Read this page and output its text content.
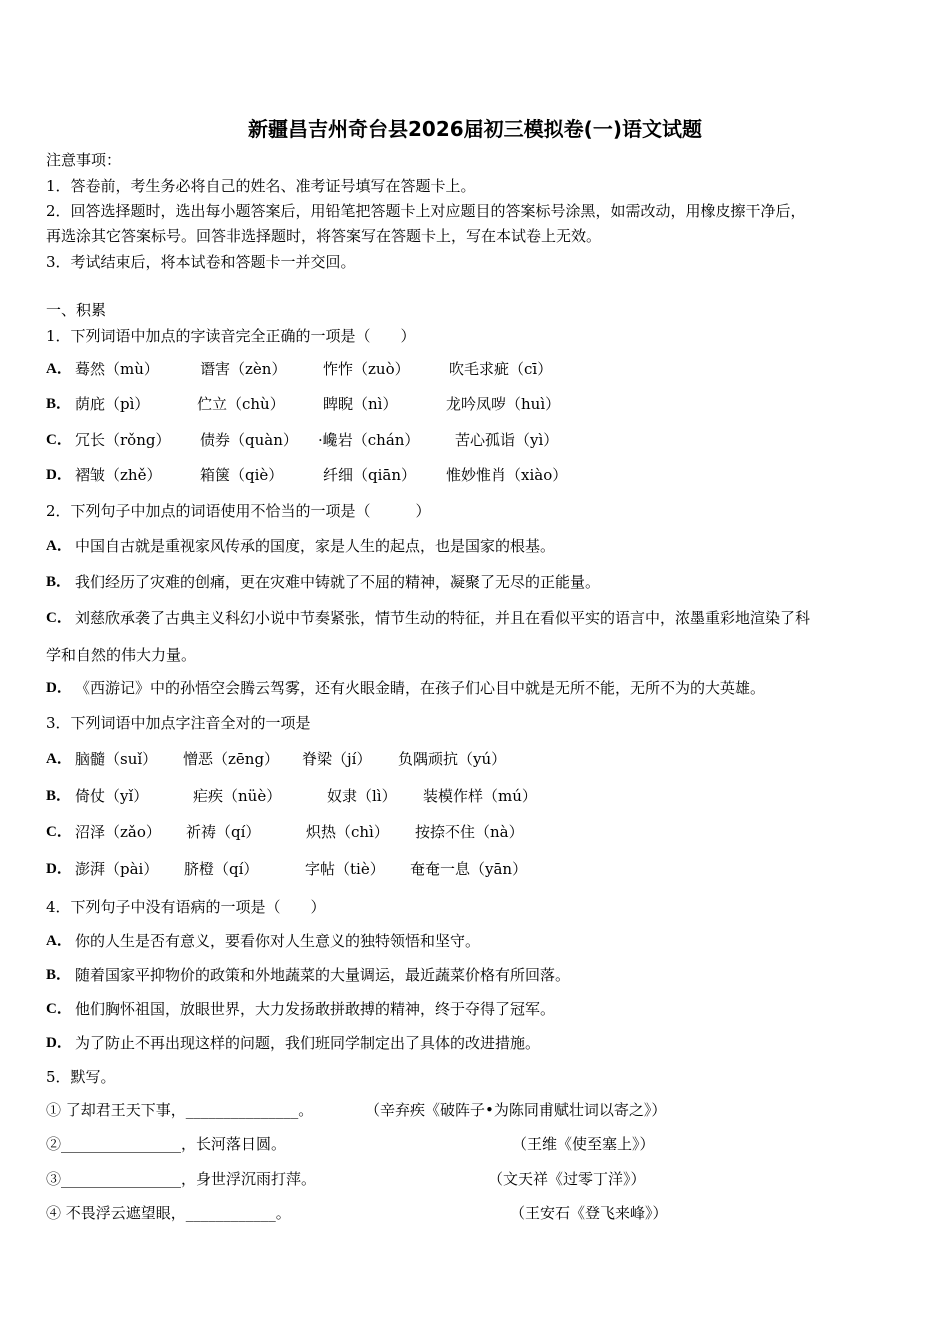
新疆昌吉州奇台县2026届初三模拟卷(一)语文试题
注意事项：
1．答卷前，考生务必将自己的姓名、准考证号填写在答题卡上。
2．回答选择题时，选出每小题答案后，用铅笔把答题卡上对应题目的答案标号涂黑，如需改动，用橡皮擦干净后，
再选涂其它答案标号。回答非选择题时，将答案写在答题卡上，写在本试卷上无效。
3．考试结束后，将本试卷和答题卡一并交回。
一、积累
1．下列词语中加点的字读音完全正确的一项是（　　）
A． 蓦然（mù）	谮害（zèn） 怍怍（zuò）	吹毛求疵（cī）
B． 荫庇（pì）	伫立（chù）	睥睨（nì）	龙吟凤哕（huì）
C． 冗长（rǒng） 债券（quàn） ·巉岩（chán） 苦心孤诣（yì）
D． 褶皱（zhě）	箱箧（qiè）	纤细（qiān） 惟妙惟肖（xiào）
2．下列句子中加点的词语使用不恰当的一项是（　　　）
A． 中国自古就是重视家风传承的国度，家是人生的起点，也是国家的根基。
B． 我们经历了灾难的创痛，更在灾难中铸就了不屈的精神，凝聚了无尽的正能量。
C． 刘慈欣承袭了古典主义科幻小说中节奏紧张，情节生动的特征，并且在看似平实的语言中，浓墨重彩地渲染了科
学和自然的伟大力量。
D． 《西游记》中的孙悟空会腾云驾雾，还有火眼金睛，在孩子们心目中就是无所不能，无所不为的大英雄。
3．下列词语中加点字注音全对的一项是
A． 脑髓（suǐ） 憎恶（zēng） 脊梁（jí） 负隅顽抗（yú）
B． 倚仗（yǐ）	疟疾（nüè）	奴隶（lì） 装模作样（mú）
C． 沼泽（zǎo） 祈祷（qí）	炽热（chì） 按捺不住（nà）
D． 澎湃（pài） 脐橙（qí）	字帖（tiè） 奄奄一息（yān）
4．下列句子中没有语病的一项是（　　）
A． 你的人生是否有意义，要看你对人生意义的独特领悟和坚守。
B． 随着国家平抑物价的政策和外地蔬菜的大量调运，最近蔬菜价格有所回落。
C． 他们胸怀祖国，放眼世界，大力发扬敢拼敢搏的精神，终于夺得了冠军。
D． 为了防止不再出现这样的问题，我们班同学制定出了具体的改进措施。
5．默写。
① 了却君王天下事，_______________。	（辛弃疾《破阵子•为陈同甫赋壮词以寄之》）
②________________，长河落日圆。	（王维《使至塞上》）
③________________，身世浮沉雨打萍。	（文天祥《过零丁洋》）
④ 不畏浮云遮望眼，____________。	（王安石《登飞来峰》）
